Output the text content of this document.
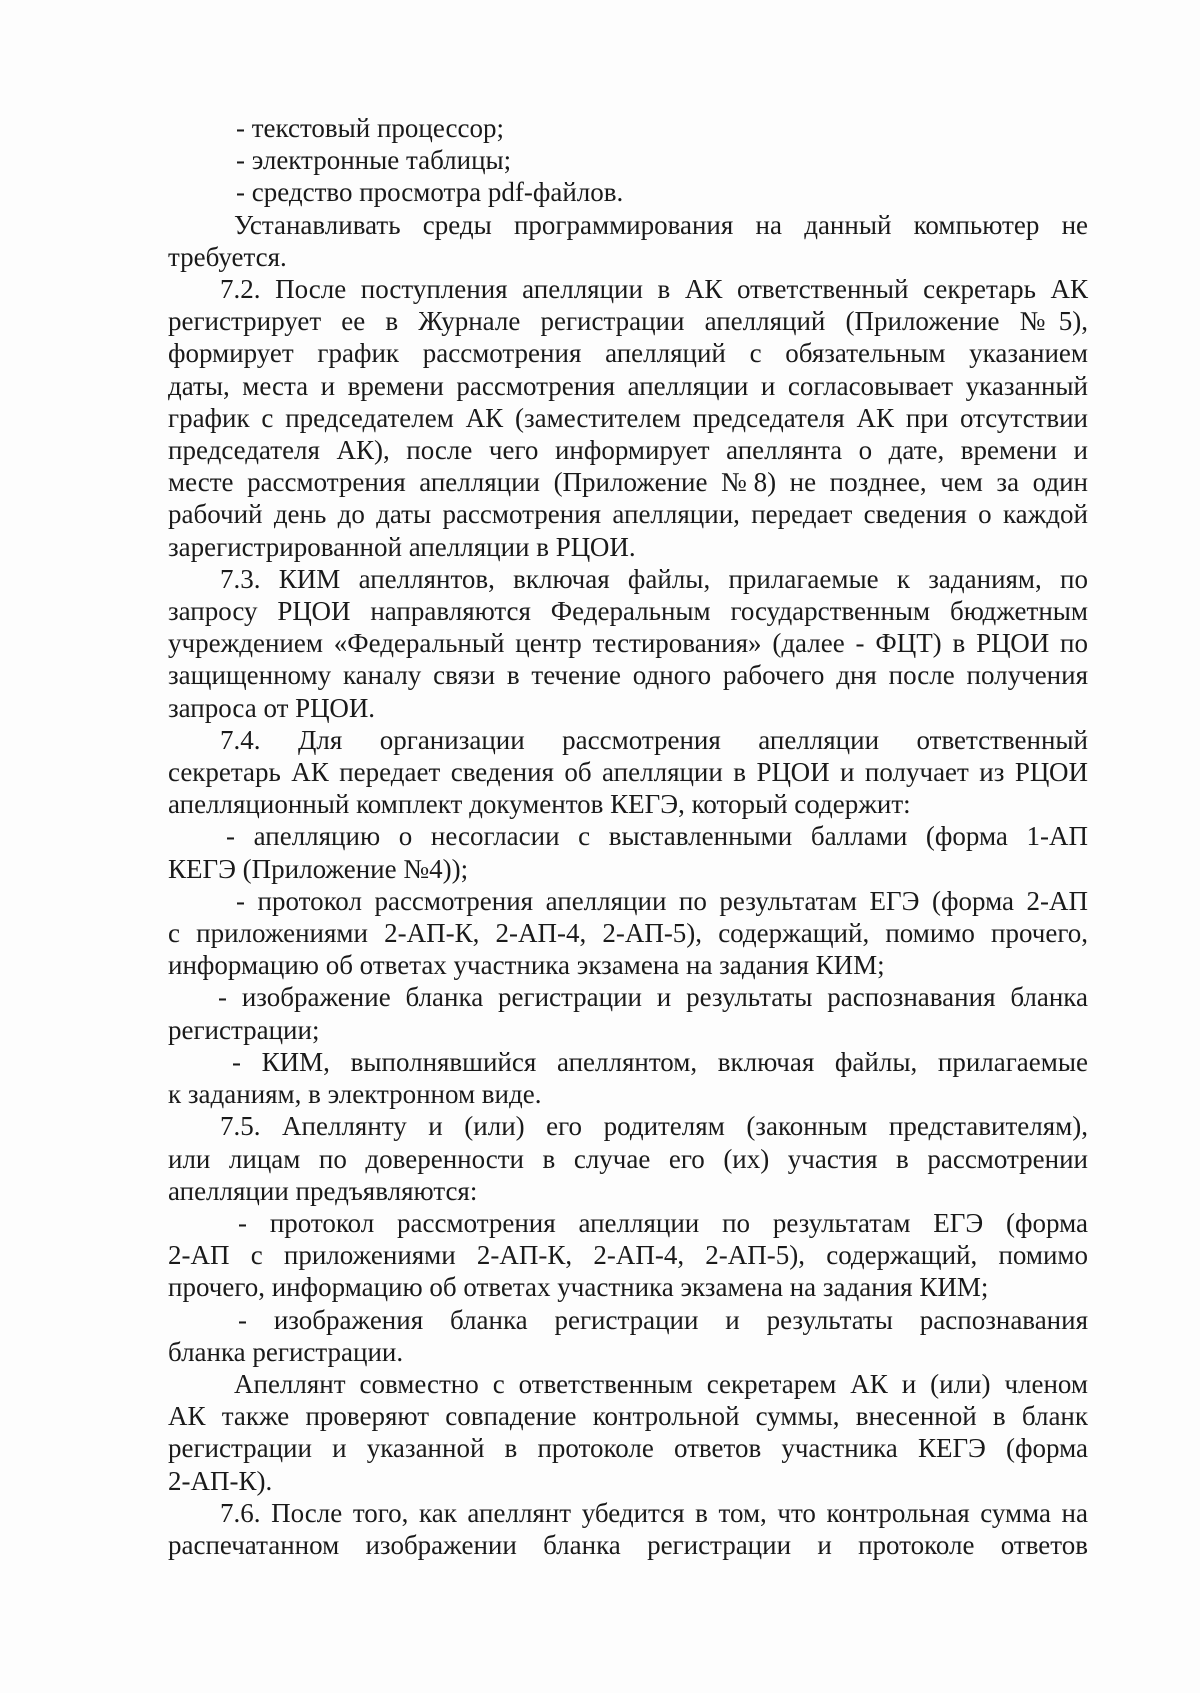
- текстовый процессор;
- электронные таблицы;
- средство просмотра pdf-файлов.
Устанавливать среды программирования на данный компьютер не
требуется.
7.2. После поступления апелляции в АК ответственный секретарь АК
регистрирует ее в Журнале регистрации апелляций (Приложение №5),
формирует график рассмотрения апелляций с обязательным указанием
даты, места и времени рассмотрения апелляции и согласовывает указанный
график с председателем АК (заместителем председателя АК при отсутствии
председателя АК), после чего информирует апеллянта о дате, времени и
месте рассмотрения апелляции (Приложение №8) не позднее, чем за один
рабочий день до даты рассмотрения апелляции, передает сведения о каждой
зарегистрированной апелляции в РЦОИ.
7.3. КИМ апеллянтов, включая файлы, прилагаемые к заданиям, по
запросу РЦОИ направляются Федеральным государственным бюджетным
учреждением «Федеральный центр тестирования» (далее - ФЦТ) в РЦОИ по
защищенному каналу связи в течение одного рабочего дня после получения
запроса от РЦОИ.
7.4. Для организации рассмотрения апелляции ответственный
секретарь АК передает сведения об апелляции в РЦОИ и получает из РЦОИ
апелляционный комплект документов КЕГЭ, который содержит:
- апелляцию о несогласии с выставленными баллами (форма 1-АП
КЕГЭ (Приложение №4));
- протокол рассмотрения апелляции по результатам ЕГЭ (форма 2-АП
с приложениями 2-АП-К, 2-АП-4, 2-АП-5), содержащий, помимо прочего,
информацию об ответах участника экзамена на задания КИМ;
- изображение бланка регистрации и результаты распознавания бланка
регистрации;
- КИМ, выполнявшийся апеллянтом, включая файлы, прилагаемые
к заданиям, в электронном виде.
7.5. Апеллянту и (или) его родителям (законным представителям),
или лицам по доверенности в случае его (их) участия в рассмотрении
апелляции предъявляются:
- протокол рассмотрения апелляции по результатам ЕГЭ (форма
2-АП с приложениями 2-АП-К, 2-АП-4, 2-АП-5), содержащий, помимо
прочего, информацию об ответах участника экзамена на задания КИМ;
- изображения бланка регистрации и результаты распознавания
бланка регистрации.
Апеллянт совместно с ответственным секретарем АК и (или) членом
АК также проверяют совпадение контрольной суммы, внесенной в бланк
регистрации и указанной в протоколе ответов участника КЕГЭ (форма
2-АП-К).
7.6. После того, как апеллянт убедится в том, что контрольная сумма на
распечатанном изображении бланка регистрации и протоколе ответов
